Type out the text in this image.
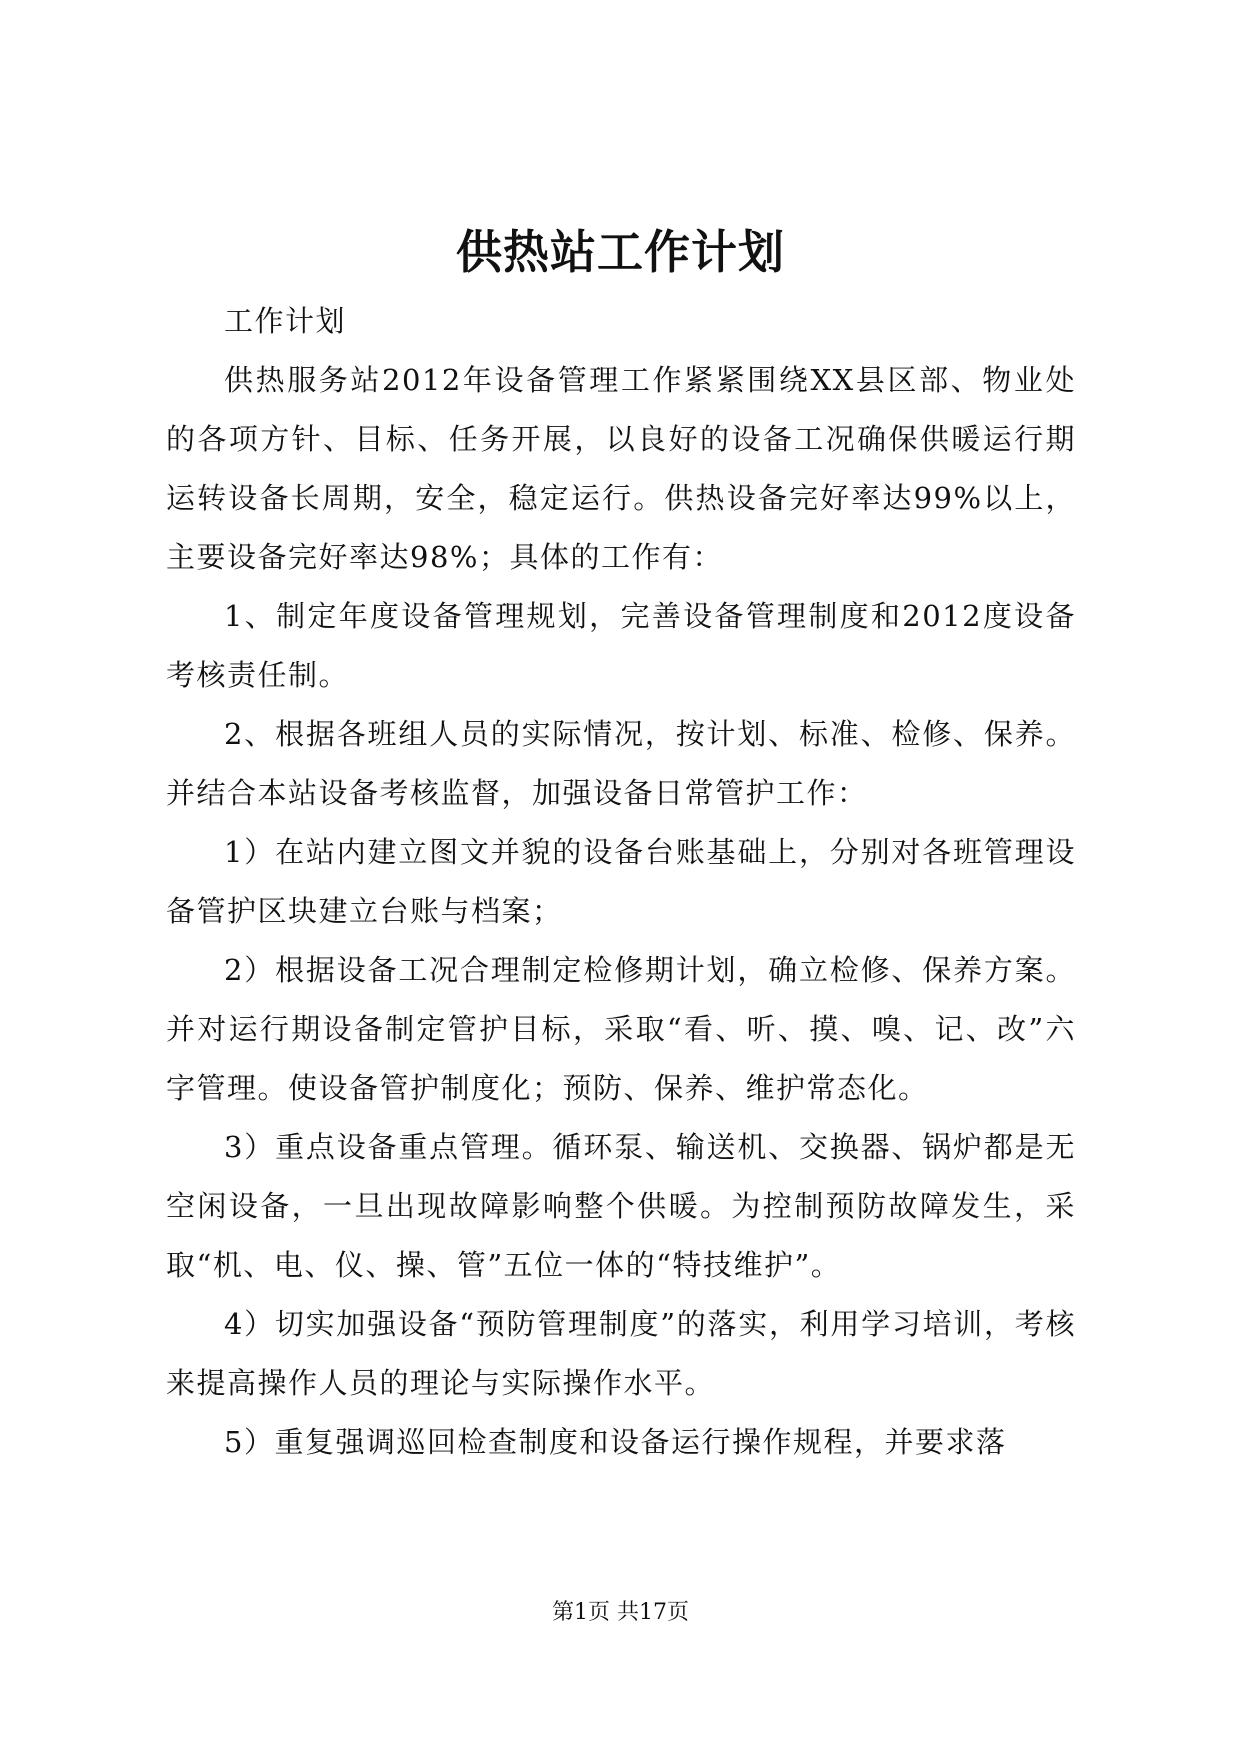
供热站工作计划

工作计划

供热服务站2012年设备管理工作紧紧围绕XX县区部、物业处的各项方针、目标、任务开展，以良好的设备工况确保供暖运行期运转设备长周期，安全，稳定运行。供热设备完好率达99%以上，主要设备完好率达98%；具体的工作有：

1、制定年度设备管理规划，完善设备管理制度和2012度设备考核责任制。

2、根据各班组人员的实际情况，按计划、标准、检修、保养。并结合本站设备考核监督，加强设备日常管护工作：

1）在站内建立图文并貌的设备台账基础上，分别对各班管理设备管护区块建立台账与档案；

2）根据设备工况合理制定检修期计划，确立检修、保养方案。并对运行期设备制定管护目标，采取“看、听、摸、嗅、记、改”六字管理。使设备管护制度化；预防、保养、维护常态化。

3）重点设备重点管理。循环泵、输送机、交换器、锅炉都是无空闲设备，一旦出现故障影响整个供暖。为控制预防故障发生，采取“机、电、仪、操、管”五位一体的“特技维护”。

4）切实加强设备“预防管理制度”的落实，利用学习培训，考核来提高操作人员的理论与实际操作水平。

5）重复强调巡回检查制度和设备运行操作规程，并要求落

第1页 共17页
